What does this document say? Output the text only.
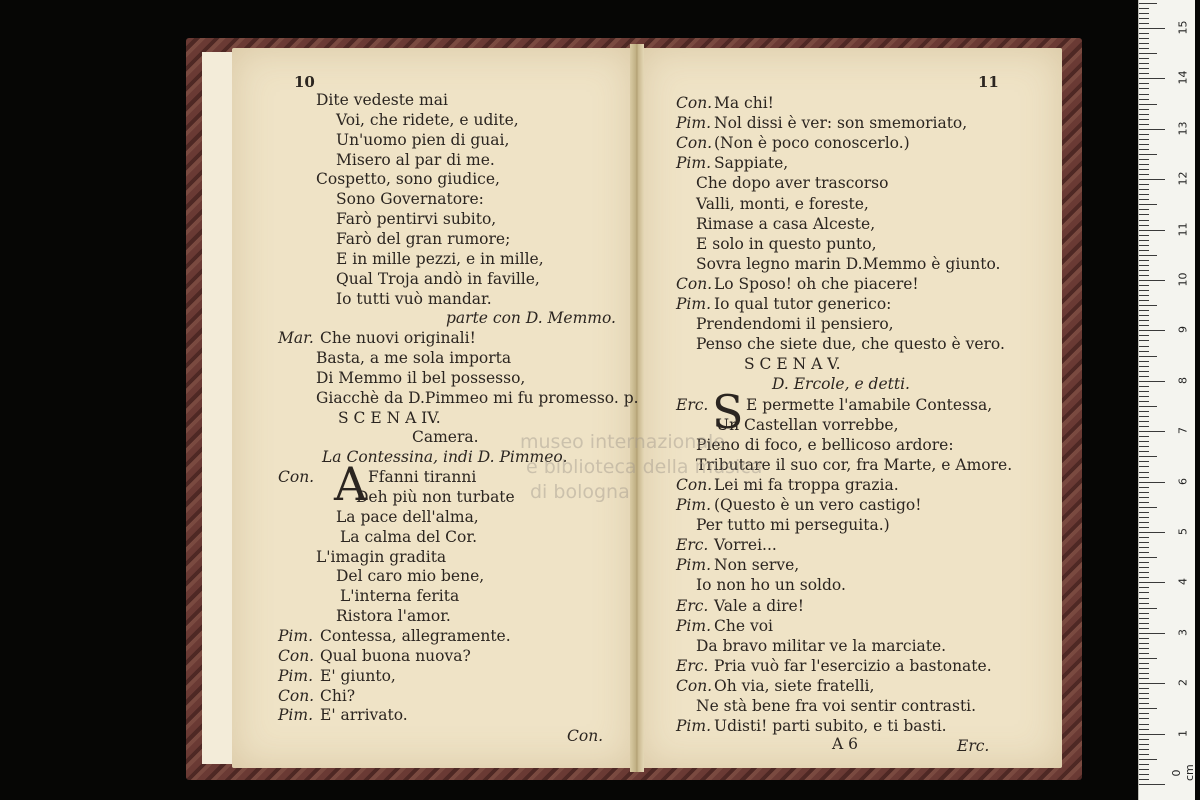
Dite vedeste mai
Voi, che ridete, e udite,
Un'uomo pien di guai,
Misero al par di me.
Cospetto, sono giudice,
Sono Governatore:
Farò pentirvi subito,
Farò del gran rumore;
E in mille pezzi, e in mille,
Qual Troja andò in faville,
Io tutti vuò mandar.
parte con D. Memmo.
Mar. Che nuovi originali!
Basta, a me sola importa
Di Memmo il bel possesso,
Giacchè da D.Pimmeo mi fu promesso. p.
S C E N A IV.
Camera.
La Contessina, indi D. Pimmeo.
Con. A Ffanni tiranni
Deh più non turbate
La pace dell'alma,
La calma del Cor.
L'imagin gradita
Del caro mio bene,
L'interna ferita
Ristora l'amor.
Pim. Contessa, allegramente.
Con. Qual buona nuova?
Pim. E' giunto,
Con. Chi?
Pim. E' arrivato.
Con. Ma chi!
Pim. Nol dissi è ver: son smemoriato,
Con. (Non è poco conoscerlo.)
Pim. Sappiate,
Che dopo aver trascorso
Valli, monti, e foreste,
Rimase a casa Alceste,
E solo in questo punto,
Sovra legno marin D.Memmo è giunto.
Con. Lo Sposo! oh che piacere!
Pim. Io qual tutor generico:
Prendendomi il pensiero,
Penso che siete due, che questo è vero.
S C E N A V.
D. Ercole, e detti.
Erc. S E permette l'amabile Contessa,
Un Castellan vorrebbe,
Pieno di foco, e bellicoso ardore:
Tributare il suo cor, fra Marte, e Amore.
Con. Lei mi fa troppa grazia.
Pim. (Questo è un vero castigo!
Per tutto mi perseguita.)
Erc. Vorrei...
Pim. Non serve,
Io non ho un soldo.
Erc. Vale a dire!
Pim. Che voi
Da bravo militar ve la marciate.
Erc. Pria vuò far l'esercizio a bastonate.
Con. Oh via, siete fratelli,
Ne stà bene fra voi sentir contrasti.
Pim. Udisti! parti subito, e ti basti.
10	11
Con.	A 6	Erc.
museo internazionale
e biblioteca della musica
di bologna
0 cm
1
2
3
4
5
6
7
8
9
10
11
12
13
14
15
